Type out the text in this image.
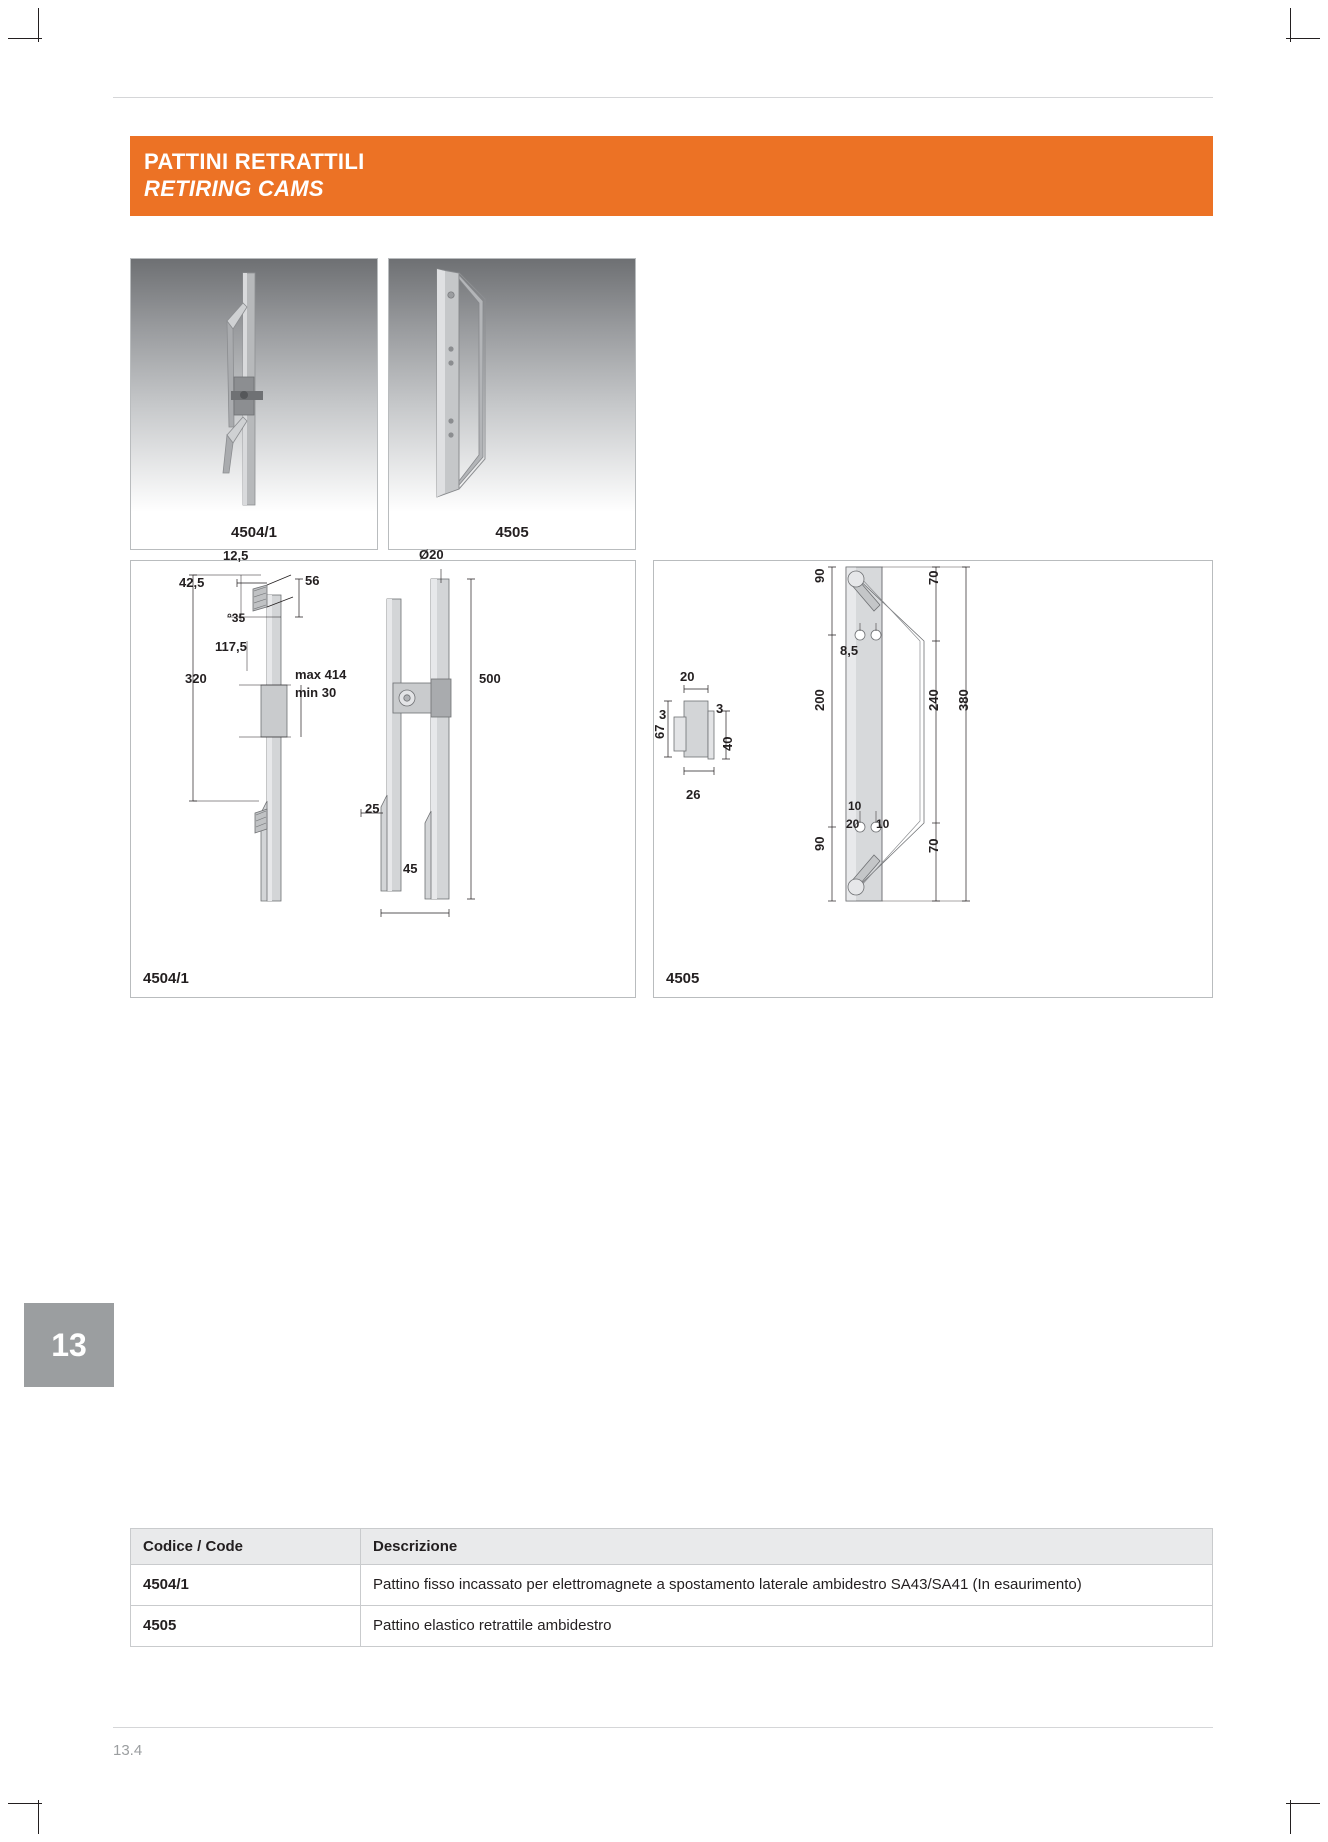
PATTINI RETRATTILI
RETIRING CAMS
4504/1	4505
12,5
42,5
°35
117,5
320
56
max 414
min 30
Ø20
500
25
45
4504/1
20
3	3
67
40
26
90
200
90
8,5
10
20 10
70
240
70
380
4505
13
Codice / Code	Descrizione
4504/1	Pattino fisso incassato per elettromagnete a spostamento laterale ambidestro SA43/SA41 (In esaurimento)
4505	Pattino elastico retrattile ambidestro
13.4
